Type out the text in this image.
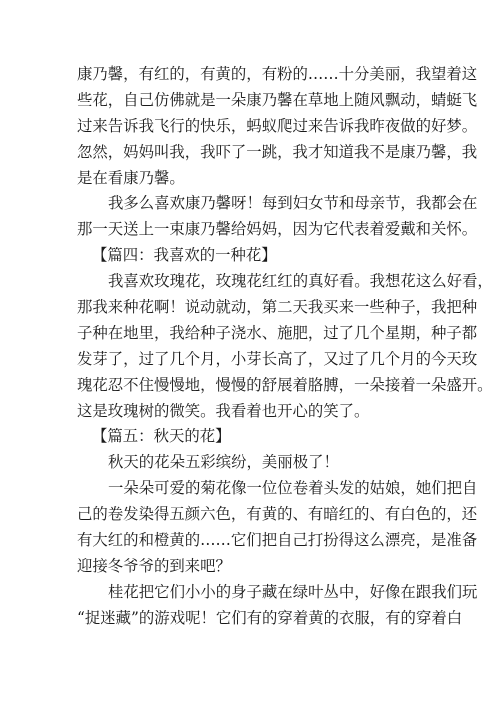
康乃馨，有红的，有黄的，有粉的……十分美丽，我望着这
些花，自己仿佛就是一朵康乃馨在草地上随风飘动，蜻蜓飞
过来告诉我飞行的快乐，蚂蚁爬过来告诉我昨夜做的好梦。
忽然，妈妈叫我，我吓了一跳，我才知道我不是康乃馨，我
是在看康乃馨。
我多么喜欢康乃馨呀！每到妇女节和母亲节，我都会在
那一天送上一束康乃馨给妈妈，因为它代表着爱戴和关怀。
【篇四：我喜欢的一种花】
我喜欢玫瑰花，玫瑰花红红的真好看。我想花这么好看，
那我来种花啊！说动就动，第二天我买来一些种子，我把种
子种在地里，我给种子浇水、施肥，过了几个星期，种子都
发芽了，过了几个月，小芽长高了，又过了几个月的今天玫
瑰花忍不住慢慢地，慢慢的舒展着胳膊，一朵接着一朵盛开。
这是玫瑰树的微笑。我看着也开心的笑了。
【篇五：秋天的花】
秋天的花朵五彩缤纷，美丽极了！
一朵朵可爱的菊花像一位位卷着头发的姑娘，她们把自
己的卷发染得五颜六色，有黄的、有暗红的、有白色的，还
有大红的和橙黄的……它们把自己打扮得这么漂亮，是准备
迎接冬爷爷的到来吧？
桂花把它们小小的身子藏在绿叶丛中，好像在跟我们玩
“捉迷藏”的游戏呢！它们有的穿着黄的衣服，有的穿着白
